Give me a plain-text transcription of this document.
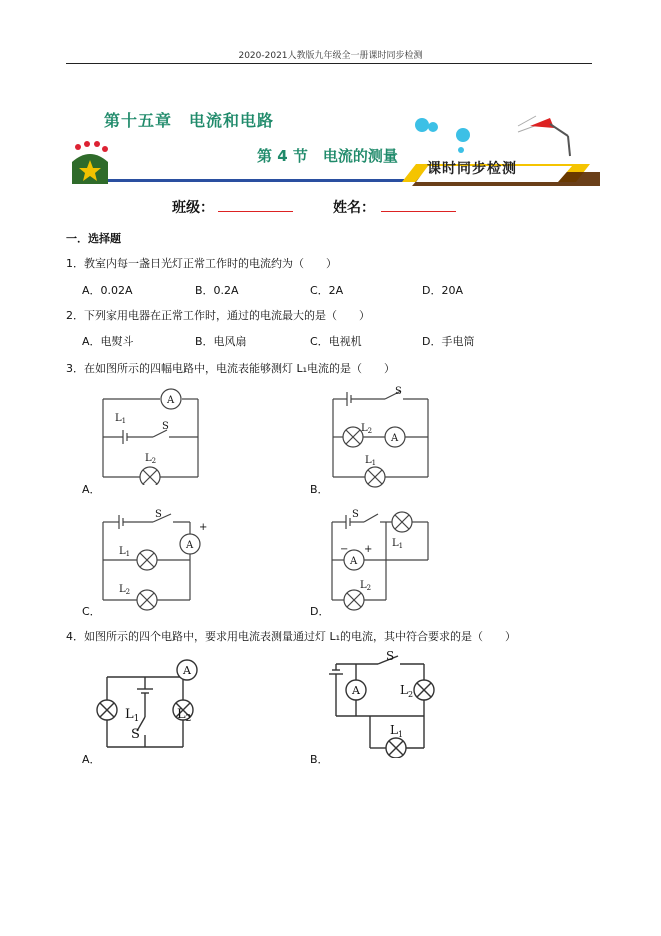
2020-2021人教版九年级全一册课时同步检测
第十五章　电流和电路
第 4 节　电流的测量
课时同步检测
班级：	姓名：
一．选择题
1．教室内每一盏日光灯正常工作时的电流约为（　　）
A．0.02A	B．0.2A	C．2A	D．20A
2．下列家用电器在正常工作时，通过的电流最大的是（　　）
A．电熨斗	B．电风扇	C．电视机	D．手电筒
3．在如图所示的四幅电路中，电流表能够测灯 L₁电流的是（　　）
A
S
$L_1$
$L_2$
A．
A
S
$L_2$
$L_1$
B．
A
+
S
$L_1$
$L_2$
C．
A
− +
S
$L_1$
$L_2$
D．
4．如图所示的四个电路中，要求用电流表测量通过灯 L₁的电流，其中符合要求的是（　　）
A
$L_1$	$L_2$
S
A．
A
S
$L_2$
$L_1$
B．
